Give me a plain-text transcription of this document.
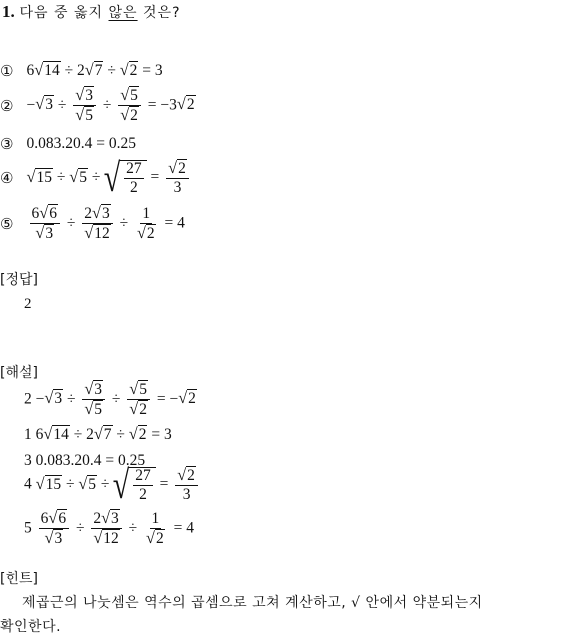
1. 다음 중 옳지 않은 것은?
① 6√14 ÷ 2√7 ÷ √2 = 3
② $-√3 \div \frac{√3}{√5} \div \frac{√5}{√2} = -3√2$
③ 0.083.20.4 = 0.25
④ √15 ÷ √5 ÷ √ $\frac{27}{2} = \frac{√2}{3}$
⑤ $\frac{6√6}{√3} \div \frac{2√3}{√12} \div \frac{1}{√2} = 4$
[정답]
2
[해설]
$2 -√3 \div \frac{√3}{√5} \div \frac{√5}{√2} = -√2$
1 6√14 ÷ 2√7 ÷ √2 = 3
3 0.083.20.4 = 0.25
4 √15 ÷ √5 ÷ √ $\frac{27}{2} = \frac{√2}{3}$
$5 \frac{6√6}{√3} \div \frac{2√3}{√12} \div \frac{1}{√2} = 4$
[힌트]
제곱근의 나눗셈은 역수의 곱셈으로 고쳐 계산하고, √ 안에서 약분되는지
확인한다.
